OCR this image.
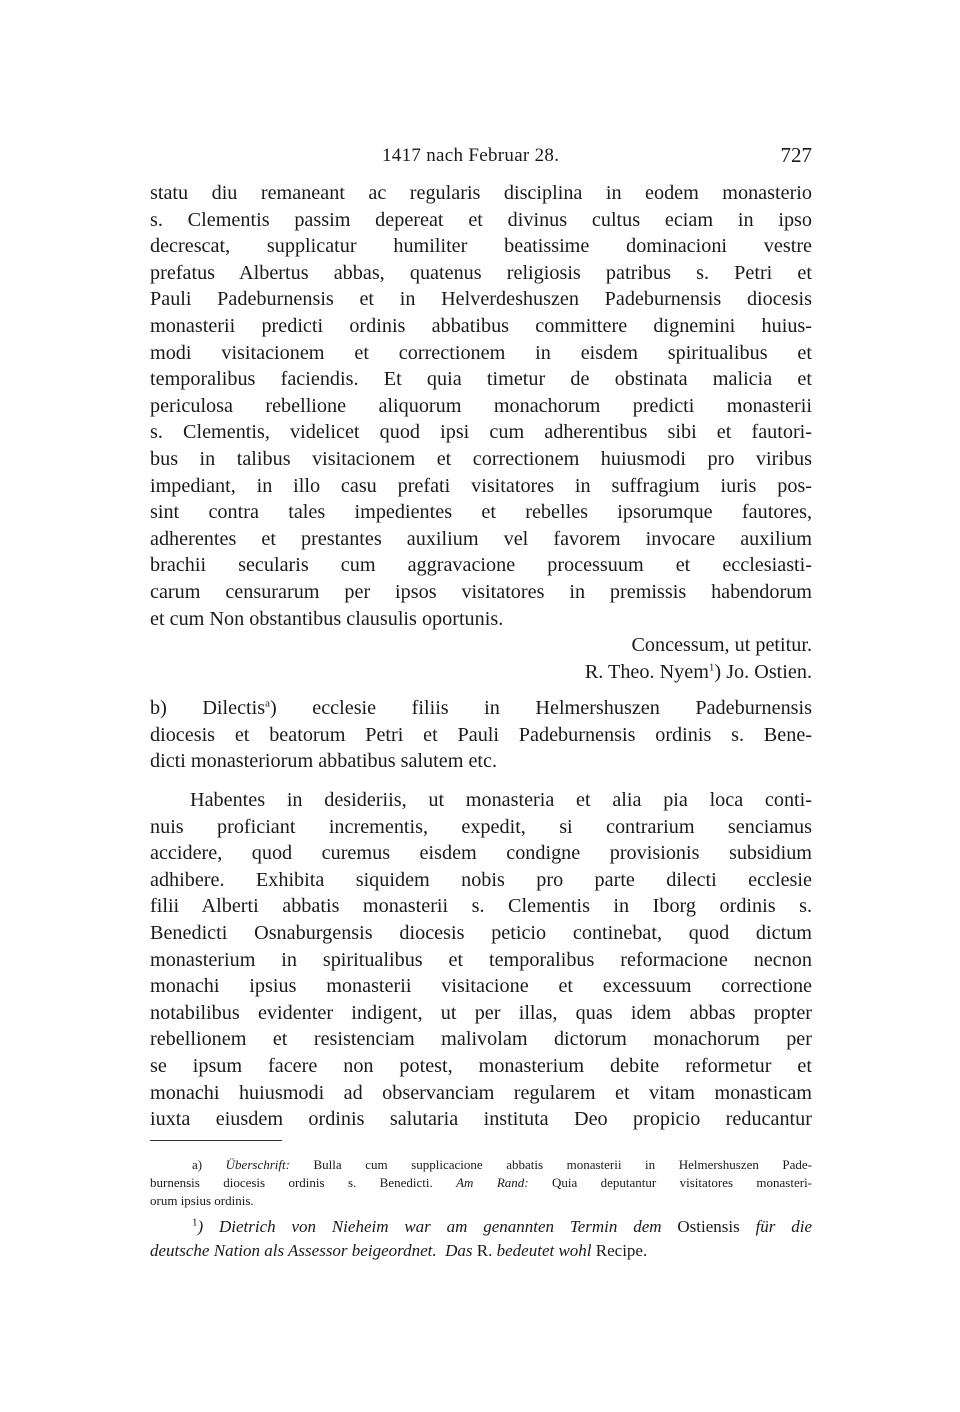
1417 nach Februar 28.	727
statu diu remaneant ac regularis disciplina in eodem monasterio
s. Clementis passim depereat et divinus cultus eciam in ipso
decrescat, supplicatur humiliter beatissime dominacioni vestre
prefatus Albertus abbas, quatenus religiosis patribus s. Petri et
Pauli Padeburnensis et in Helverdeshuszen Padeburnensis diocesis
monasterii predicti ordinis abbatibus committere dignemini huius-
modi visitacionem et correctionem in eisdem spiritualibus et
temporalibus faciendis. Et quia timetur de obstinata malicia et
periculosa rebellione aliquorum monachorum predicti monasterii
s. Clementis, videlicet quod ipsi cum adherentibus sibi et fautori-
bus in talibus visitacionem et correctionem huiusmodi pro viribus
impediant, in illo casu prefati visitatores in suffragium iuris pos-
sint contra tales impedientes et rebelles ipsorumque fautores,
adherentes et prestantes auxilium vel favorem invocare auxilium
brachii secularis cum aggravacione processuum et ecclesiasti-
carum censurarum per ipsos visitatores in premissis habendorum
et cum Non obstantibus clausulis oportunis.
Concessum, ut petitur.
R. Theo. Nyem$^1$) Jo. Ostien.
b) Dilectis$^a$) ecclesie filiis in Helmershuszen Padeburnensis
diocesis et beatorum Petri et Pauli Padeburnensis ordinis s. Bene-
dicti monasteriorum abbatibus salutem etc.
Habentes in desideriis, ut monasteria et alia pia loca conti-
nuis proficiant incrementis, expedit, si contrarium senciamus
accidere, quod curemus eisdem condigne provisionis subsidium
adhibere. Exhibita siquidem nobis pro parte dilecti ecclesie
filii Alberti abbatis monasterii s. Clementis in Iborg ordinis s.
Benedicti Osnaburgensis diocesis peticio continebat, quod dictum
monasterium in spiritualibus et temporalibus reformacione necnon
monachi ipsius monasterii visitacione et excessuum correctione
notabilibus evidenter indigent, ut per illas, quas idem abbas propter
rebellionem et resistenciam malivolam dictorum monachorum per
se ipsum facere non potest, monasterium debite reformetur et
monachi huiusmodi ad observanciam regularem et vitam monasticam
iuxta eiusdem ordinis salutaria instituta Deo propicio reducantur
a) Überschrift: Bulla cum supplicacione abbatis monasterii in Helmershuszen Pade-
burnensis diocesis ordinis s. Benedicti. Am Rand: Quia deputantur visitatores monasteri-
orum ipsius ordinis.
$^1$) Dietrich von Nieheim war am genannten Termin dem Ostiensis für die
deutsche Nation als Assessor beigeordnet. Das R. bedeutet wohl Recipe.
